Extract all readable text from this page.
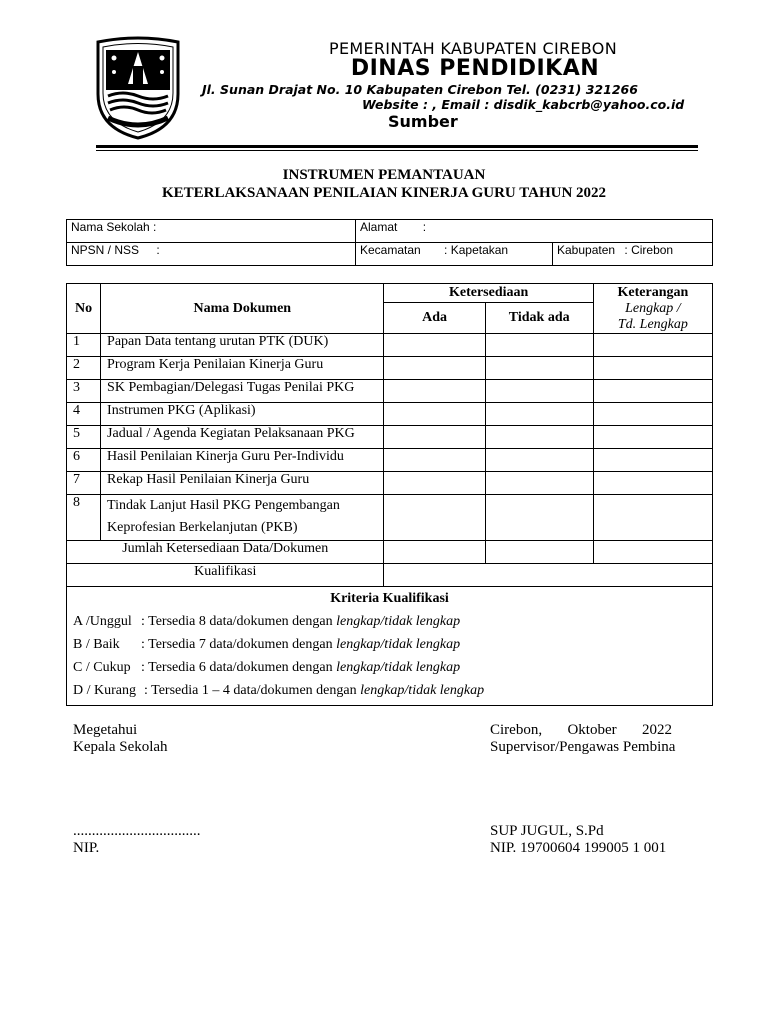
PEMERINTAH KABUPATEN CIREBON
DINAS PENDIDIKAN
Jl. Sunan Drajat No. 10 Kabupaten Cirebon Tel. (0231) 321266
Website : , Email : disdik_kabcrb@yahoo.co.id
Sumber
INSTRUMEN PEMANTAUAN
KETERLAKSANAAN PENILAIAN KINERJA GURU TAHUN 2022
Nama Sekolah :	Alamat :	
NPSN / NSS :	Kecamatan : Kapetakan	Kabupaten : Cirebon
No	Nama Dokumen	Ketersediaan		Keterangan
Lengkap /
Td. Lengkap

		Ada	Tidak ada	
1	Papan Data tentang urutan PTK (DUK)			
2	Program Kerja Penilaian Kinerja Guru			
3	SK Pembagian/Delegasi Tugas Penilai PKG			
4	Instrumen PKG (Aplikasi)			
5	Jadual / Agenda Kegiatan Pelaksanaan PKG			
6	Hasil Penilaian Kinerja Guru Per-Individu			
7	Rekap Hasil Penilaian Kinerja Guru			
8	Tindak Lanjut Hasil PKG Pengembangan
Keprofesian Berkelanjutan (PKB)			

Jumlah Ketersediaan Data/Dokumen				
Kualifikasi				

Kriteria Kualifikasi
A /Unggul : Tersedia 8 data/dokumen dengan lengkap/tidak lengkap
B / Baik : Tersedia 7 data/dokumen dengan lengkap/tidak lengkap
C / Cukup : Tersedia 6 data/dokumen dengan lengkap/tidak lengkap
D / Kurang : Tersedia 1 – 4 data/dokumen dengan lengkap/tidak lengkap				
Megetahui
Kepala Sekolah
Cirebon, Oktober 2022
Supervisor/Pengawas Pembina
..................................
NIP.
SUP JUGUL, S.Pd
NIP. 19700604 199005 1 001
